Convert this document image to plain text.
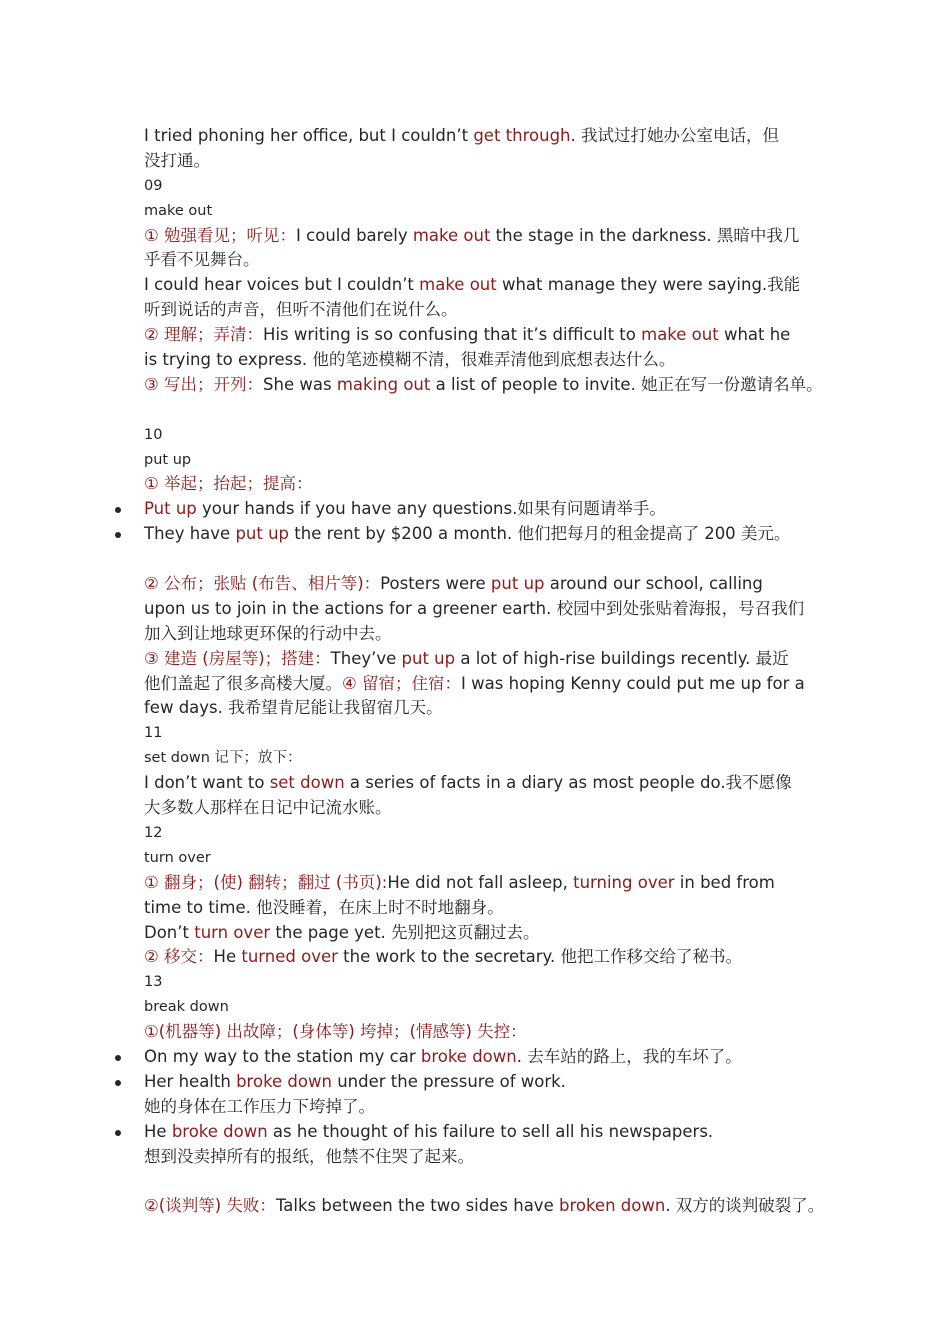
I tried phoning her office, but I couldn’t get through. 我试过打她办公室电话，但
没打通。
09
make out
① 勉强看见；听见：I could barely make out the stage in the darkness. 黑暗中我几
乎看不见舞台。
I could hear voices but I couldn’t make out what manage they were saying.我能
听到说话的声音，但听不清他们在说什么。
② 理解；弄清：His writing is so confusing that it’s difficult to make out what he
is trying to express. 他的笔迹模糊不清，很难弄清他到底想表达什么。
③ 写出；开列：She was making out a list of people to invite. 她正在写一份邀请名单。
10
put up
① 举起；抬起；提高：
Put up your hands if you have any questions.如果有问题请举手。
They have put up the rent by $200 a month. 他们把每月的租金提高了 200 美元。
② 公布；张贴 (布告、相片等)：Posters were put up around our school, calling
upon us to join in the actions for a greener earth. 校园中到处张贴着海报，号召我们
加入到让地球更环保的行动中去。
③ 建造 (房屋等)；搭建：They’ve put up a lot of high-rise buildings recently. 最近
他们盖起了很多高楼大厦。④ 留宿；住宿：I was hoping Kenny could put me up for a
few days. 我希望肯尼能让我留宿几天。
11
set down 记下；放下：
I don’t want to set down a series of facts in a diary as most people do.我不愿像
大多数人那样在日记中记流水账。
12
turn over
① 翻身；(使) 翻转；翻过 (书页):He did not fall asleep, turning over in bed from
time to time. 他没睡着，在床上时不时地翻身。
Don’t turn over the page yet. 先别把这页翻过去。
② 移交：He turned over the work to the secretary. 他把工作移交给了秘书。
13
break down
①(机器等) 出故障；(身体等) 垮掉；(情感等) 失控：
On my way to the station my car broke down. 去车站的路上，我的车坏了。
Her health broke down under the pressure of work.
她的身体在工作压力下垮掉了。
He broke down as he thought of his failure to sell all his newspapers.
想到没卖掉所有的报纸，他禁不住哭了起来。
②(谈判等) 失败：Talks between the two sides have broken down. 双方的谈判破裂了。
